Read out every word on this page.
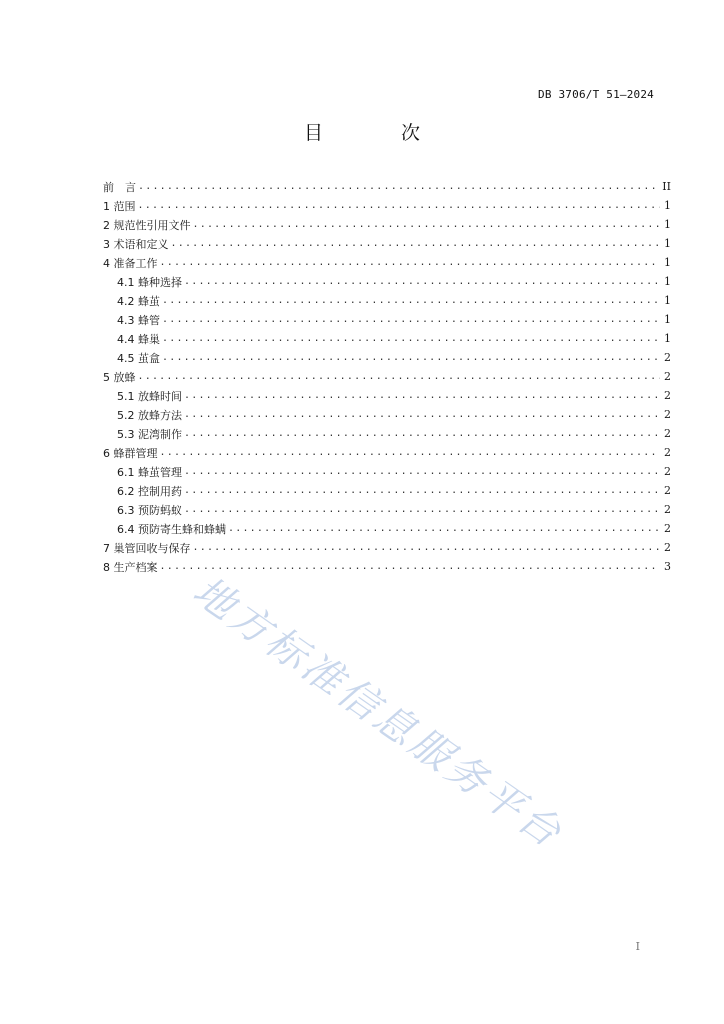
DB 3706/T 51—2024
目 次
前　言 .....	II
1 范围 .....	1
2 规范性引用文件 .....	1
3 术语和定义 .....	1
4 准备工作 .....	1
4.1 蜂种选择 .....	1
4.2 蜂茧 .....	1
4.3 蜂管 .....	1
4.4 蜂巢 .....	1
4.5 茧盒 .....	2
5 放蜂 .....	2
5.1 放蜂时间 .....	2
5.2 放蜂方法 .....	2
5.3 泥湾制作 .....	2
6 蜂群管理 .....	2
6.1 蜂茧管理 .....	2
6.2 控制用药 .....	2
6.3 预防蚂蚁 .....	2
6.4 预防寄生蜂和蜂螨 .....	2
7 巢管回收与保存 .....	2
8 生产档案 .....	3
地方标准信息服务平台
I
